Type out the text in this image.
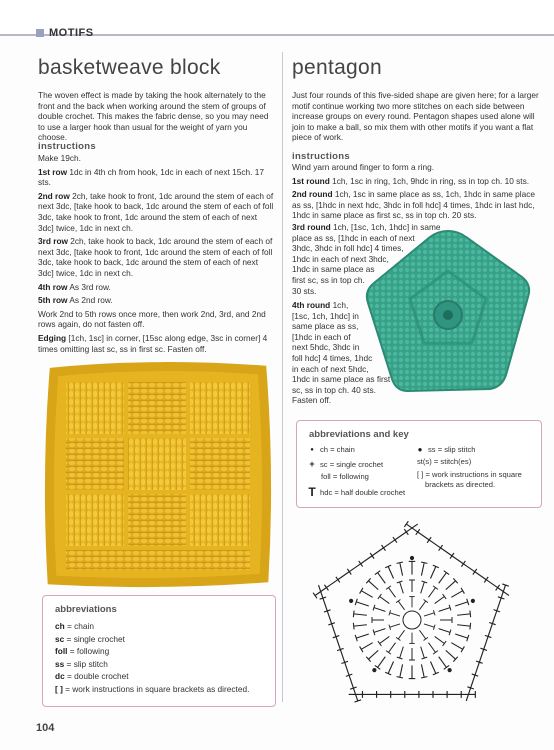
MOTIFS
basketweave block
The woven effect is made by taking the hook alternately to the front and the back when working around the stem of groups of double crochet. This makes the fabric dense, so you may need to use a larger hook than usual for the weight of yarn you choose.
instructions

Make 19ch.

1st row 1dc in 4th ch from hook, 1dc in each of next 15ch. 17 sts.

2nd row 2ch, take hook to front, 1dc around the stem of each of next 3dc, [take hook to back, 1dc around the stem of each of foll 3dc, take hook to front, 1dc around the stem of each of next 3dc] twice, 1dc in next ch.

3rd row 2ch, take hook to back, 1dc around the stem of each of next 3dc, [take hook to front, 1dc around the stem of each of foll 3dc, take hook to back, 1dc around the stem of each of next 3dc] twice, 1dc in next ch.

4th row As 3rd row.

5th row As 2nd row.

Work 2nd to 5th rows once more, then work 2nd, 3rd, and 2nd rows again, do not fasten off.

Edging [1ch, 1sc] in corner, [15sc along edge, 3sc in corner] 4 times omitting last sc, ss in first sc. Fasten off.

abbreviations
ch = chain
sc = single crochet
foll = following
ss = slip stitch
dc = double crochet
[ ] = work instructions in square brackets as directed.
104
pentagon
Just four rounds of this five-sided shape are given here; for a larger motif continue working two more stitches on each side between increase groups on every round. Pentagon shapes used alone will join to make a ball, so mix them with other motifs if you want a flat piece of work.
instructions

Wind yarn around finger to form a ring.

1st round 1ch, 1sc in ring, 1ch, 9hdc in ring, ss in top ch. 10 sts.

2nd round 1ch, 1sc in same place as ss, 1ch, 1hdc in same place as ss, [1hdc in next hdc, 3hdc in foll hdc] 4 times, 1hdc in last hdc, 1hdc in same place as first sc, ss in top ch. 20 sts.

3rd round 1ch, [1sc, 1ch, 1hdc] in same
place as ss, [1hdc in each of next
3hdc, 3hdc in foll hdc] 4 times,
1hdc in each of next 3hdc,
1hdc in same place as
first sc, ss in top ch.
30 sts.
4th round 1ch,
[1sc, 1ch, 1hdc] in
same place as ss,
[1hdc in each of
next 5hdc, 3hdc in
foll hdc] 4 times, 1hdc
in each of next 5hdc,
1hdc in same place as first
sc, ss in top ch. 40 sts.
Fasten off.
abbreviations and key
● ch = chain	● ss = slip stitch
+ sc = single crochet	st(s) = stitch(es)
foll = following	[ ] = work instructions in square
brackets as directed.
T hdc = half double crochet
